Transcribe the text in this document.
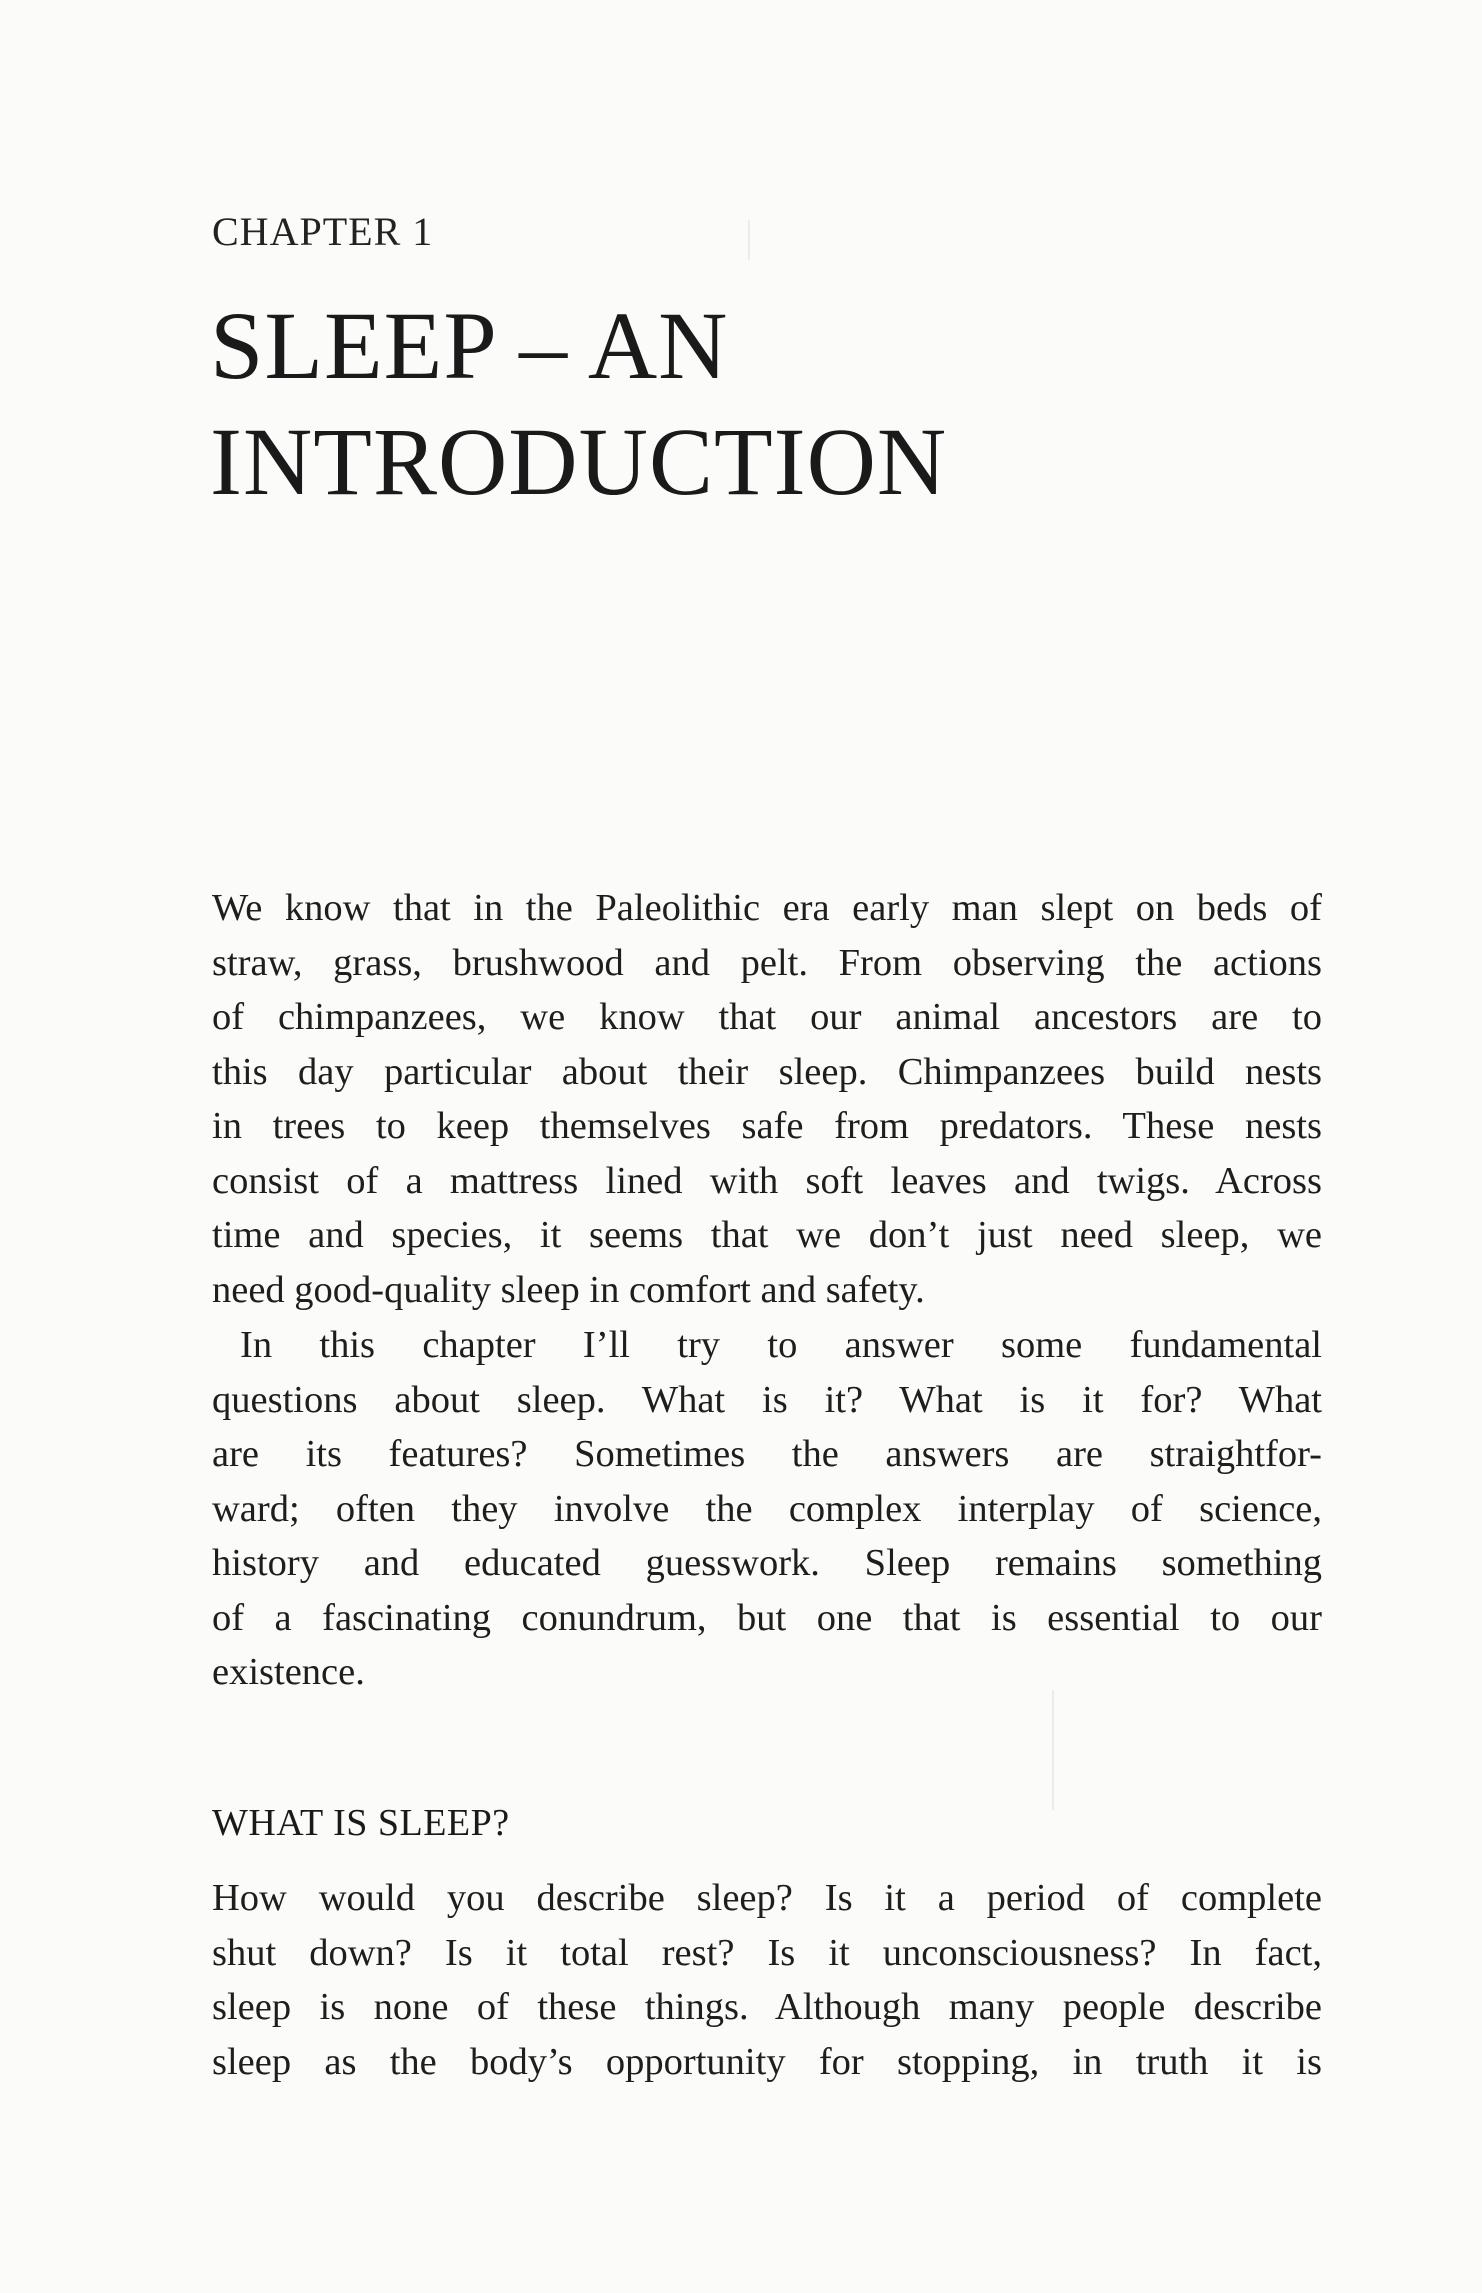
CHAPTER 1
SLEEP – AN
INTRODUCTION
We know that in the Paleolithic era early man slept on beds of
straw, grass, brushwood and pelt. From observing the actions
of chimpanzees, we know that our animal ancestors are to
this day particular about their sleep. Chimpanzees build nests
in trees to keep themselves safe from predators. These nests
consist of a mattress lined with soft leaves and twigs. Across
time and species, it seems that we don’t just need sleep, we
need good-quality sleep in comfort and safety.
In this chapter I’ll try to answer some fundamental
questions about sleep. What is it? What is it for? What
are its features? Sometimes the answers are straightfor-
ward; often they involve the complex interplay of science,
history and educated guesswork. Sleep remains something
of a fascinating conundrum, but one that is essential to our
existence.
WHAT IS SLEEP?
How would you describe sleep? Is it a period of complete
shut down? Is it total rest? Is it unconsciousness? In fact,
sleep is none of these things. Although many people describe
sleep as the body’s opportunity for stopping, in truth it is
